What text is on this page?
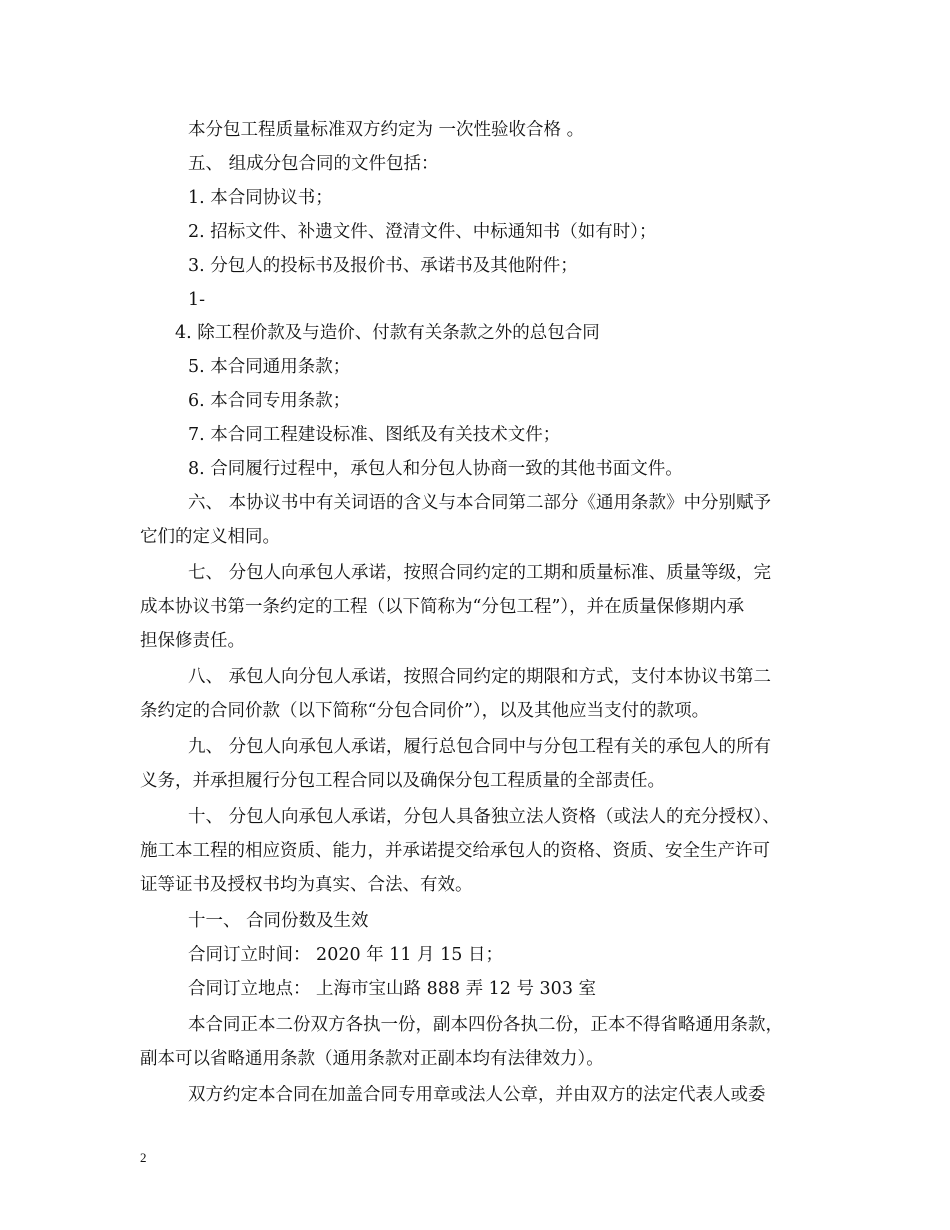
本分包工程质量标准双方约定为 一次性验收合格 。
五、 组成分包合同的文件包括：
1. 本合同协议书；
2. 招标文件、补遗文件、澄清文件、中标通知书（如有时）；
3. 分包人的投标书及报价书、承诺书及其他附件；
1-
4. 除工程价款及与造价、付款有关条款之外的总包合同
5. 本合同通用条款；
6. 本合同专用条款；
7. 本合同工程建设标准、图纸及有关技术文件；
8. 合同履行过程中，承包人和分包人协商一致的其他书面文件。
六、 本协议书中有关词语的含义与本合同第二部分《通用条款》中分别赋予
它们的定义相同。
七、 分包人向承包人承诺，按照合同约定的工期和质量标准、质量等级，完
成本协议书第一条约定的工程（以下简称为“分包工程”），并在质量保修期内承
担保修责任。
八、 承包人向分包人承诺，按照合同约定的期限和方式，支付本协议书第二
条约定的合同价款（以下简称“分包合同价”），以及其他应当支付的款项。
九、 分包人向承包人承诺，履行总包合同中与分包工程有关的承包人的所有
义务，并承担履行分包工程合同以及确保分包工程质量的全部责任。
十、 分包人向承包人承诺，分包人具备独立法人资格（或法人的充分授权）、
施工本工程的相应资质、能力，并承诺提交给承包人的资格、资质、安全生产许可
证等证书及授权书均为真实、合法、有效。
十一、 合同份数及生效
合同订立时间： 2020 年 11 月 15 日；
合同订立地点： 上海市宝山路 888 弄 12 号 303 室
本合同正本二份双方各执一份，副本四份各执二份，正本不得省略通用条款，
副本可以省略通用条款（通用条款对正副本均有法律效力）。
双方约定本合同在加盖合同专用章或法人公章，并由双方的法定代表人或委
2
